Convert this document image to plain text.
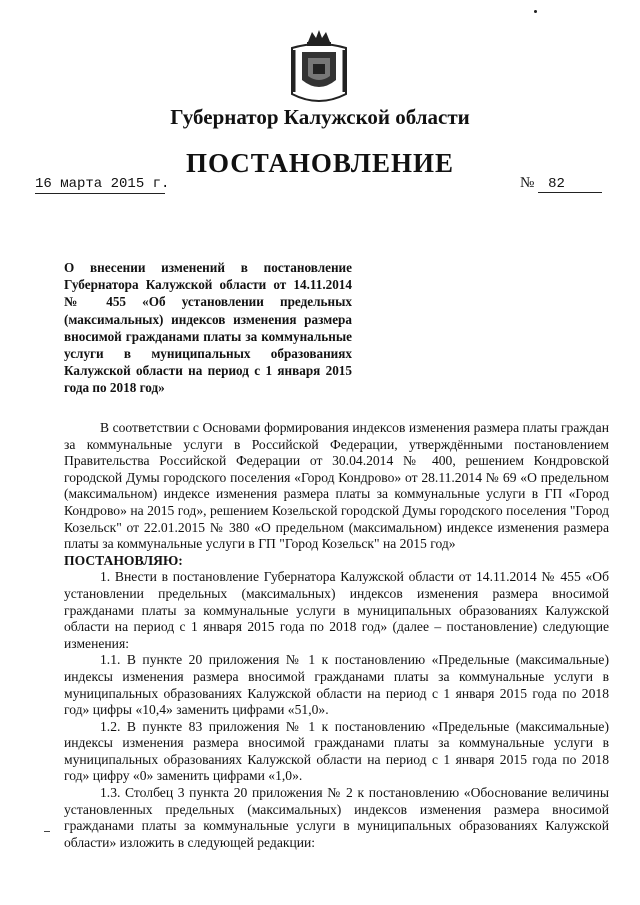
Губернатор Калужской области
ПОСТАНОВЛЕНИЕ
16 марта 2015 г.	№ 82
О внесении изменений в постановление Губернатора Калужской области от 14.11.2014 № 455 «Об установлении предельных (максимальных) индексов изменения размера вносимой гражданами платы за коммунальные услуги в муниципальных образованиях Калужской области на период с 1 января 2015 года по 2018 год»

В соответствии с Основами формирования индексов изменения размера платы граждан за коммунальные услуги в Российской Федерации, утверждёнными постановлением Правительства Российской Федерации от 30.04.2014 № 400, решением Кондровской городской Думы городского поселения «Город Кондрово» от 28.11.2014 № 69 «О предельном (максимальном) индексе изменения размера платы за коммунальные услуги в ГП «Город Кондрово» на 2015 год», решением Козельской городской Думы городского поселения "Город Козельск" от 22.01.2015 № 380 «О предельном (максимальном) индексе изменения размера платы за коммунальные услуги в ГП "Город Козельск" на 2015 год»

ПОСТАНОВЛЯЮ:

1. Внести в постановление Губернатора Калужской области от 14.11.2014 № 455 «Об установлении предельных (максимальных) индексов изменения размера вносимой гражданами платы за коммунальные услуги в муниципальных образованиях Калужской области на период с 1 января 2015 года по 2018 год» (далее – постановление) следующие изменения:

1.1. В пункте 20 приложения № 1 к постановлению «Предельные (максимальные) индексы изменения размера вносимой гражданами платы за коммунальные услуги в муниципальных образованиях Калужской области на период с 1 января 2015 года по 2018 год» цифры «10,4» заменить цифрами «51,0».

1.2. В пункте 83 приложения № 1 к постановлению «Предельные (максимальные) индексы изменения размера вносимой гражданами платы за коммунальные услуги в муниципальных образованиях Калужской области на период с 1 января 2015 года по 2018 год» цифру «0» заменить цифрами «1,0».

1.3. Столбец 3 пункта 20 приложения № 2 к постановлению «Обоснование величины установленных предельных (максимальных) индексов изменения размера вносимой гражданами платы за коммунальные услуги в муниципальных образованиях Калужской области» изложить в следующей редакции:
